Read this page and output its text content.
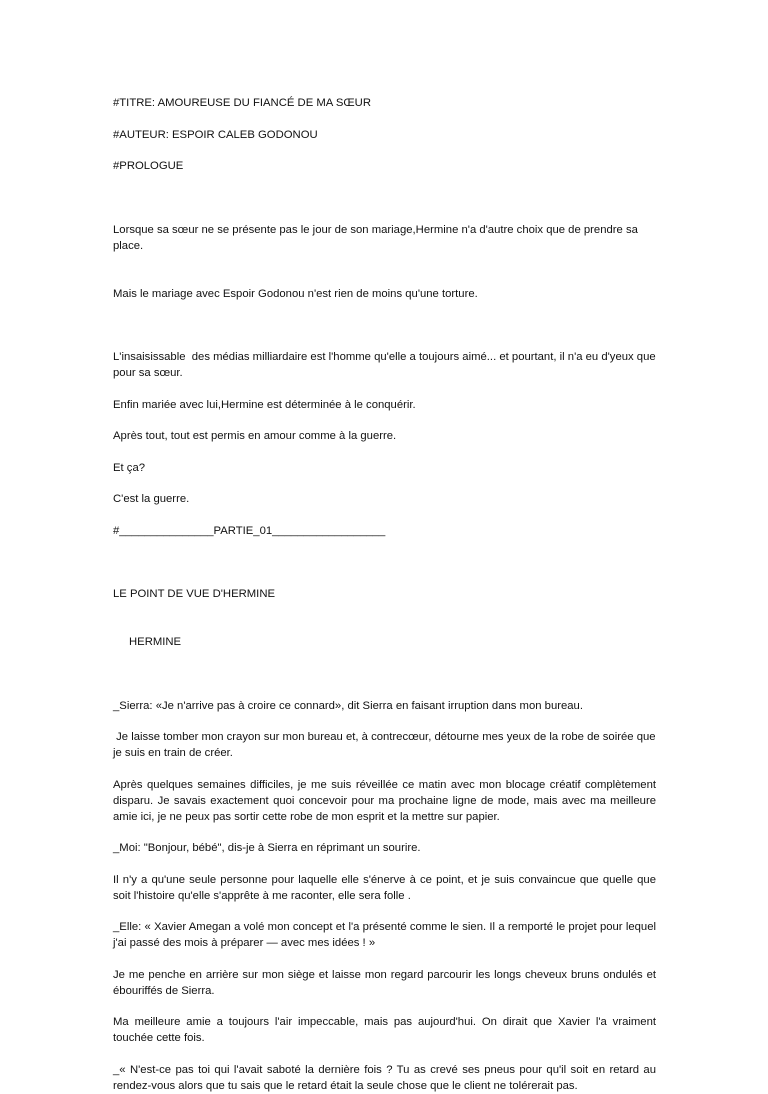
#TITRE: AMOUREUSE DU FIANCÉ DE MA SŒUR
#AUTEUR: ESPOIR CALEB GODONOU
#PROLOGUE

Lorsque sa sœur ne se présente pas le jour de son mariage,Hermine n'a d'autre choix que de prendre sa place.

Mais le mariage avec Espoir Godonou n'est rien de moins qu'une torture.

L'insaisissable  des médias milliardaire est l'homme qu'elle a toujours aimé... et pourtant, il n'a eu d'yeux que pour sa sœur.
Enfin mariée avec lui,Hermine est déterminée à le conquérir.
Après tout, tout est permis en amour comme à la guerre.
Et ça?
C'est la guerre.
#_______________PARTIE_01__________________

LE POINT DE VUE D'HERMINE

HERMINE

_Sierra: «Je n'arrive pas à croire ce connard», dit Sierra en faisant irruption dans mon bureau.
Je laisse tomber mon crayon sur mon bureau et, à contrecœur, détourne mes yeux de la robe de soirée que je suis en train de créer.
Après quelques semaines difficiles, je me suis réveillée ce matin avec mon blocage créatif complètement disparu. Je savais exactement quoi concevoir pour ma prochaine ligne de mode, mais avec ma meilleure amie ici, je ne peux pas sortir cette robe de mon esprit et la mettre sur papier.
_Moi: "Bonjour, bébé", dis-je à Sierra en réprimant un sourire.
Il n'y a qu'une seule personne pour laquelle elle s'énerve à ce point, et je suis convaincue que quelle que soit l'histoire qu'elle s'apprête à me raconter, elle sera folle .
_Elle: « Xavier Amegan a volé mon concept et l'a présenté comme le sien. Il a remporté le projet pour lequel j'ai passé des mois à préparer — avec mes idées ! »
Je me penche en arrière sur mon siège et laisse mon regard parcourir les longs cheveux bruns ondulés et ébouriffés de Sierra.
Ma meilleure amie a toujours l'air impeccable, mais pas aujourd'hui. On dirait que Xavier l'a vraiment touchée cette fois.
_« N'est-ce pas toi qui l'avait saboté la dernière fois ? Tu as crevé ses pneus pour qu'il soit en retard au rendez-vous alors que tu sais que le retard était la seule chose que le client ne tolérerait pas.
